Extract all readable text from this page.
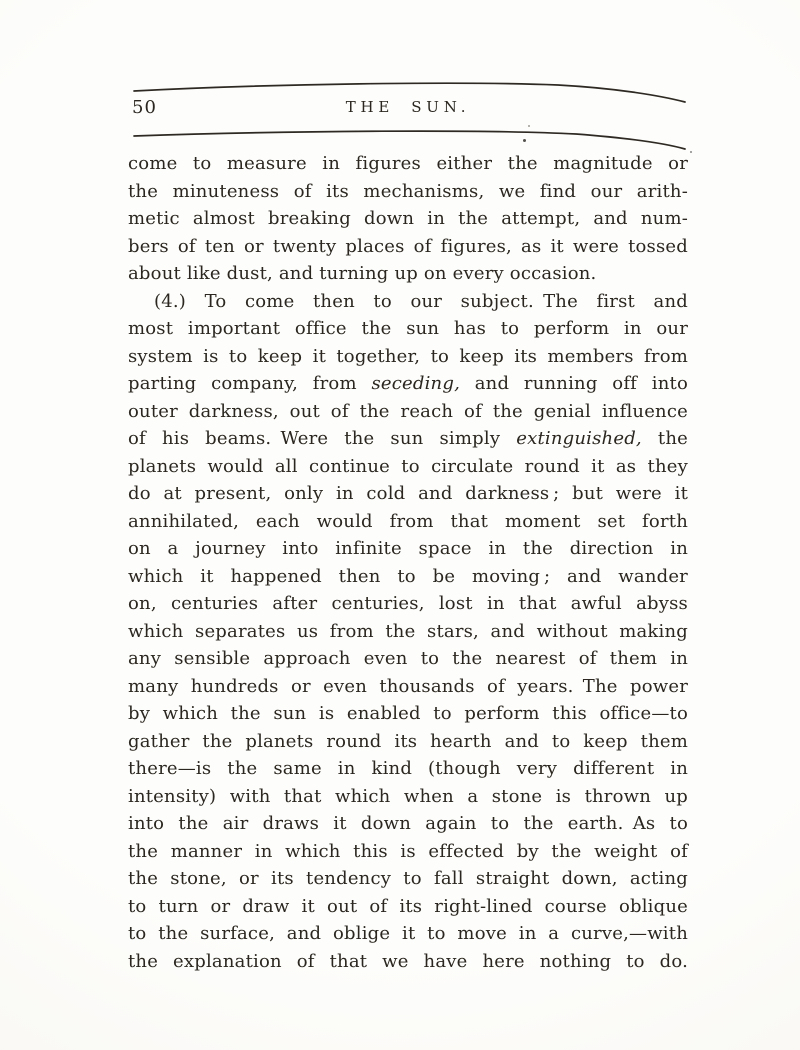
50	THE SUN.

come to measure in figures either the magnitude or
the minuteness of its mechanisms, we find our arith-
metic almost breaking down in the attempt, and num-
bers of ten or twenty places of figures, as it were tossed
about like dust, and turning up on every occasion.

(4.) To come then to our subject. The first and
most important office the sun has to perform in our
system is to keep it together, to keep its members from
parting company, from seceding, and running off into
outer darkness, out of the reach of the genial influence
of his beams. Were the sun simply extinguished, the
planets would all continue to circulate round it as they
do at present, only in cold and darkness ; but were it
annihilated, each would from that moment set forth
on a journey into infinite space in the direction in
which it happened then to be moving ; and wander
on, centuries after centuries, lost in that awful abyss
which separates us from the stars, and without making
any sensible approach even to the nearest of them in
many hundreds or even thousands of years. The power
by which the sun is enabled to perform this office—to
gather the planets round its hearth and to keep them
there—is the same in kind (though very different in
intensity) with that which when a stone is thrown up
into the air draws it down again to the earth. As to
the manner in which this is effected by the weight of
the stone, or its tendency to fall straight down, acting
to turn or draw it out of its right-lined course oblique
to the surface, and oblige it to move in a curve,—with
the explanation of that we have here nothing to do.
